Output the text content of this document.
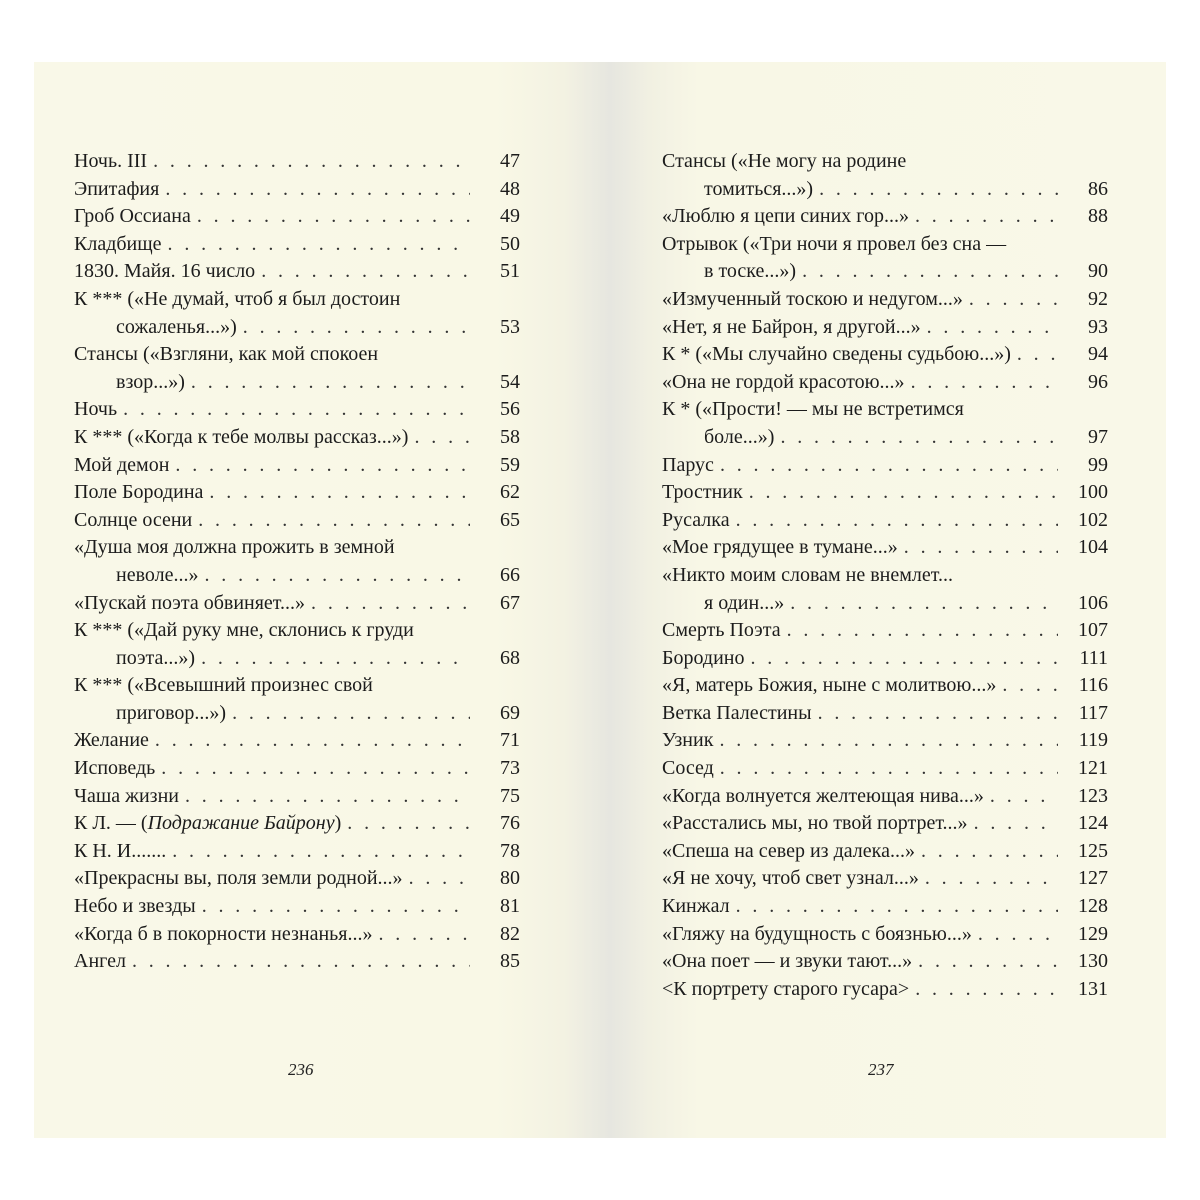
Ночь. III . . .	47
Эпитафия . . .	48
Гроб Оссиана . . .	49
Кладбище . . .	50
1830. Майя. 16 число . . .	51
К *** («Не думай, чтоб я был достоин
сожаленья...») . . .	53
Стансы («Взгляни, как мой спокоен
взор...») . . .	54
Ночь . . .	56
К *** («Когда к тебе молвы рассказ...») . . .	58
Мой демон . . .	59
Поле Бородина . . .	62
Солнце осени . . .	65
«Душа моя должна прожить в земной
неволе...» . . .	66
«Пускай поэта обвиняет...» . . .	67
К *** («Дай руку мне, склонись к груди
поэта...») . . .	68
К *** («Всевышний произнес свой
приговор...») . . .	69
Желание . . .	71
Исповедь . . .	73
Чаша жизни . . .	75
К Л. — ( Подражание Байрону ) . . .	76
К Н. И....... . . .	78
«Прекрасны вы, поля земли родной...» . . .	80
Небо и звезды . . .	81
«Когда б в покорности незнанья...» . . .	82
Ангел . . .	85
236
Стансы («Не могу на родине
томиться...») . . .	86
«Люблю я цепи синих гор...» . . .	88
Отрывок («Три ночи я провел без сна —
в тоске...») . . .	90
«Измученный тоскою и недугом...» . . .	92
«Нет, я не Байрон, я другой...» . . .	93
К * («Мы случайно сведены судьбою...») . . .	94
«Она не гордой красотою...» . . .	96
К * («Прости! — мы не встретимся
боле...») . . .	97
Парус . . .	99
Тростник . . .	100
Русалка . . .	102
«Мое грядущее в тумане...» . . .	104
«Никто моим словам не внемлет...
я один...» . . .	106
Смерть Поэта . . .	107
Бородино . . .	111
«Я, матерь Божия, ныне с молитвою...» . . .	116
Ветка Палестины . . .	117
Узник . . .	119
Сосед . . .	121
«Когда волнуется желтеющая нива...» . . .	123
«Расстались мы, но твой портрет...» . . .	124
«Спеша на север из далека...» . . .	125
«Я не хочу, чтоб свет узнал...» . . .	127
Кинжал . . .	128
«Гляжу на будущность с боязнью...» . . .	129
«Она поет — и звуки тают...» . . .	130
<К портрету старого гусара> . . .	131
237
